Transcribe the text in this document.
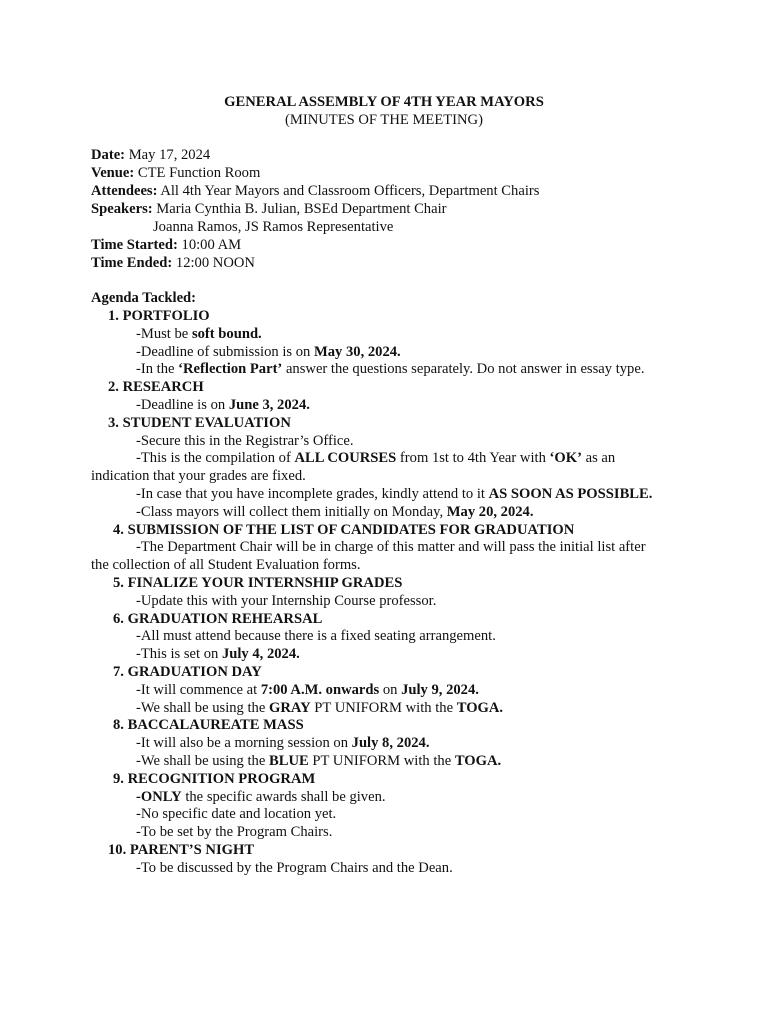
GENERAL ASSEMBLY OF 4TH YEAR MAYORS
(MINUTES OF THE MEETING)
Date: May 17, 2024
Venue: CTE Function Room
Attendees: All 4th Year Mayors and Classroom Officers, Department Chairs
Speakers: Maria Cynthia B. Julian, BSEd Department Chair
Joanna Ramos, JS Ramos Representative
Time Started: 10:00 AM
Time Ended: 12:00 NOON
Agenda Tackled:
1. PORTFOLIO
-Must be soft bound.
-Deadline of submission is on May 30, 2024.
-In the ‘Reflection Part’ answer the questions separately. Do not answer in essay type.
2. RESEARCH
-Deadline is on June 3, 2024.
3. STUDENT EVALUATION
-Secure this in the Registrar’s Office.
-This is the compilation of ALL COURSES from 1st to 4th Year with ‘OK’ as an
indication that your grades are fixed.
-In case that you have incomplete grades, kindly attend to it AS SOON AS POSSIBLE.
-Class mayors will collect them initially on Monday, May 20, 2024.
4. SUBMISSION OF THE LIST OF CANDIDATES FOR GRADUATION
-The Department Chair will be in charge of this matter and will pass the initial list after
the collection of all Student Evaluation forms.
5. FINALIZE YOUR INTERNSHIP GRADES
-Update this with your Internship Course professor.
6. GRADUATION REHEARSAL
-All must attend because there is a fixed seating arrangement.
-This is set on July 4, 2024.
7. GRADUATION DAY
-It will commence at 7:00 A.M. onwards on July 9, 2024.
-We shall be using the GRAY PT UNIFORM with the TOGA.
8. BACCALAUREATE MASS
-It will also be a morning session on July 8, 2024.
-We shall be using the BLUE PT UNIFORM with the TOGA.
9. RECOGNITION PROGRAM
-ONLY the specific awards shall be given.
-No specific date and location yet.
-To be set by the Program Chairs.
10. PARENT’S NIGHT
-To be discussed by the Program Chairs and the Dean.
